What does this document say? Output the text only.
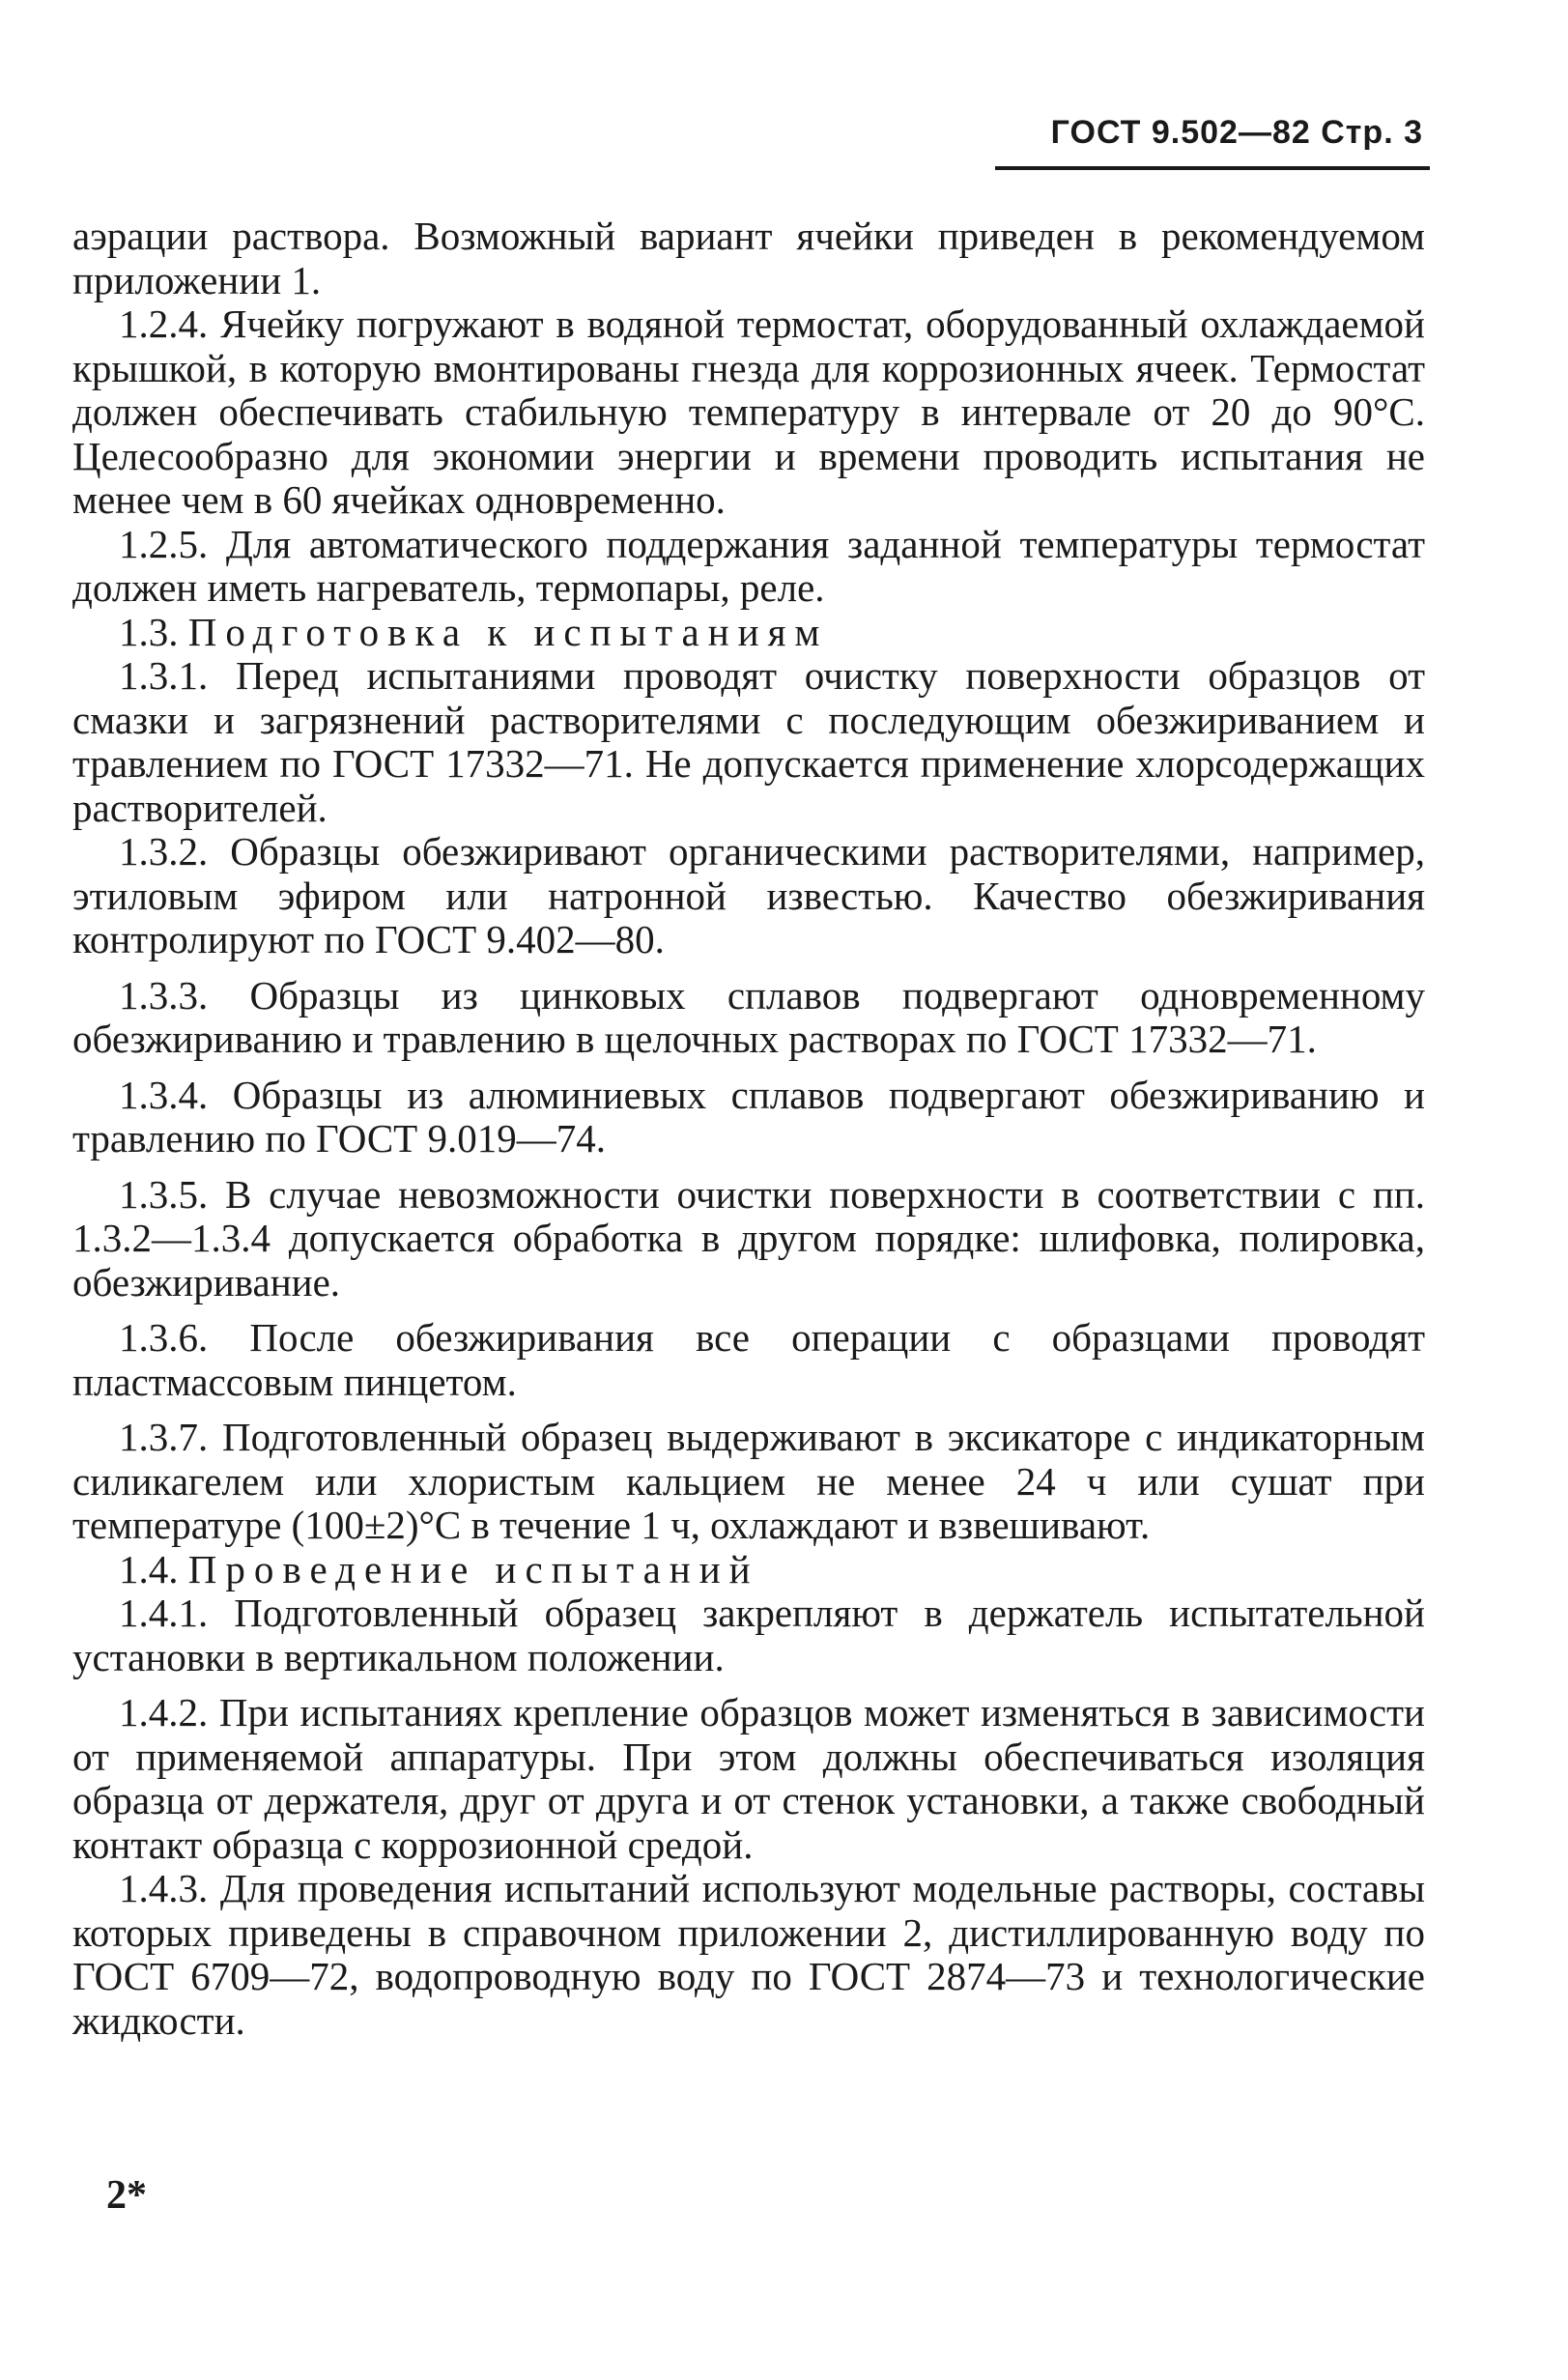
ГОСТ 9.502—82 Стр. 3

аэрации раствора. Возможный вариант ячейки приведен в рекомендуемом приложении 1.

1.2.4. Ячейку погружают в водяной термостат, оборудованный охлаждаемой крышкой, в которую вмонтированы гнезда для коррозионных ячеек. Термостат должен обеспечивать стабильную температуру в интервале от 20 до 90°С. Целесообразно для экономии энергии и времени проводить испытания не менее чем в 60 ячейках одновременно.

1.2.5. Для автоматического поддержания заданной температуры термостат должен иметь нагреватель, термопары, реле.

1.3. Подготовка к испытаниям

1.3.1. Перед испытаниями проводят очистку поверхности образцов от смазки и загрязнений растворителями с последующим обезжириванием и травлением по ГОСТ 17332—71. Не допускается применение хлорсодержащих растворителей.

1.3.2. Образцы обезжиривают органическими растворителями, например, этиловым эфиром или натронной известью. Качество обезжиривания контролируют по ГОСТ 9.402—80.

1.3.3. Образцы из цинковых сплавов подвергают одновременному обезжириванию и травлению в щелочных растворах по ГОСТ 17332—71.

1.3.4. Образцы из алюминиевых сплавов подвергают обезжириванию и травлению по ГОСТ 9.019—74.

1.3.5. В случае невозможности очистки поверхности в соответствии с пп. 1.3.2—1.3.4 допускается обработка в другом порядке: шлифовка, полировка, обезжиривание.

1.3.6. После обезжиривания все операции с образцами проводят пластмассовым пинцетом.

1.3.7. Подготовленный образец выдерживают в эксикаторе с индикаторным силикагелем или хлористым кальцием не менее 24 ч или сушат при температуре (100±2)°С в течение 1 ч, охлаждают и взвешивают.

1.4. Проведение испытаний

1.4.1. Подготовленный образец закрепляют в держатель испытательной установки в вертикальном положении.

1.4.2. При испытаниях крепление образцов может изменяться в зависимости от применяемой аппаратуры. При этом должны обеспечиваться изоляция образца от держателя, друг от друга и от стенок установки, а также свободный контакт образца с коррозионной средой.

1.4.3. Для проведения испытаний используют модельные растворы, составы которых приведены в справочном приложении 2, дистиллированную воду по ГОСТ 6709—72, водопроводную воду по ГОСТ 2874—73 и технологические жидкости.

2*
